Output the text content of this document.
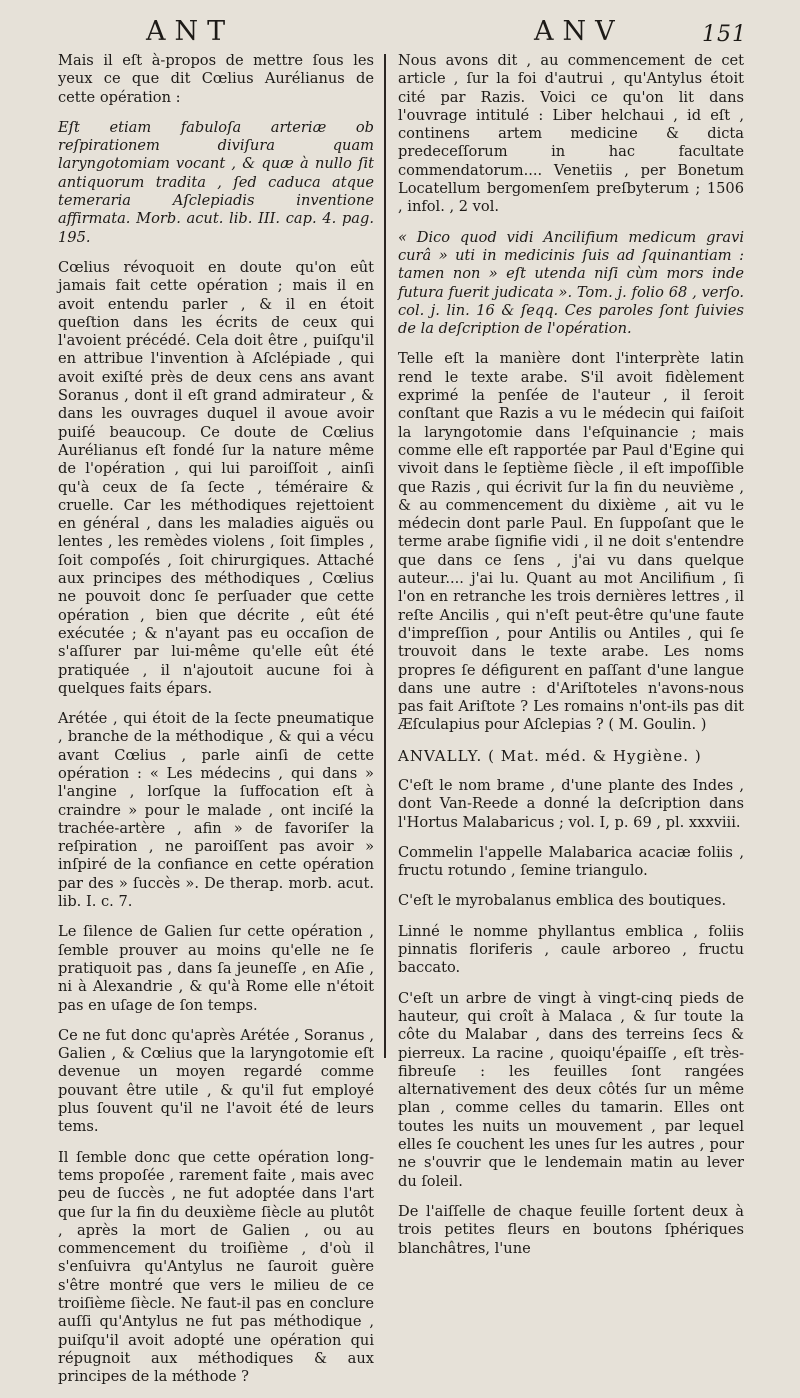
ANT	ANV	151

Mais il eſt à-propos de mettre ſous les yeux ce que dit Cœlius Aurélianus de cette opération :

Eſt etiam fabuloſa arteriæ ob reſpirationem diviſura quam laryngotomiam vocant , & quæ à nullo ſit antiquorum tradita , ſed caduca atque temeraria Aſclepiadis inventione affirmata. Morb. acut. lib. III. cap. 4. pag. 195.

Cœlius révoquoit en doute qu'on eût jamais fait cette opération ; mais il en avoit entendu parler , & il en étoit queſtion dans les écrits de ceux qui l'avoient précédé. Cela doit être , puiſqu'il en attribue l'invention à Aſclépiade , qui avoit exiſté près de deux cens ans avant Soranus , dont il eſt grand admirateur , & dans les ouvrages duquel il avoue avoir puiſé beaucoup. Ce doute de Cœlius Aurélianus eſt fondé ſur la nature même de l'opération , qui lui paroiſſoit , ainſi qu'à ceux de ſa ſecte , téméraire & cruelle. Car les méthodiques rejettoient en général , dans les maladies aiguës ou lentes , les remèdes violens , ſoit ſimples , ſoit compoſés , ſoit chirurgiques. Attaché aux principes des méthodiques , Cœlius ne pouvoit donc ſe perſuader que cette opération , bien que décrite , eût été exécutée ; & n'ayant pas eu occaſion de s'aſſurer par lui-même qu'elle eût été pratiquée , il n'ajoutoit aucune foi à quelques faits épars.

Arétée , qui étoit de la ſecte pneumatique , branche de la méthodique , & qui a vécu avant Cœlius , parle ainſi de cette opération : « Les médecins , qui dans » l'angine , lorſque la ſuffocation eſt à craindre » pour le malade , ont inciſé la trachée-artère , afin » de favoriſer la reſpiration , ne paroiſſent pas avoir » inſpiré de la confiance en cette opération par des » ſuccès ». De therap. morb. acut. lib. I. c. 7.

Le ſilence de Galien ſur cette opération , ſemble prouver au moins qu'elle ne ſe pratiquoit pas , dans ſa jeuneſſe , en Aſie , ni à Alexandrie , & qu'à Rome elle n'étoit pas en uſage de ſon temps.

Ce ne fut donc qu'après Arétée , Soranus , Galien , & Cœlius que la laryngotomie eſt devenue un moyen regardé comme pouvant être utile , & qu'il fut employé plus ſouvent qu'il ne l'avoit été de leurs tems.

Il ſemble donc que cette opération long-tems propoſée , rarement faite , mais avec peu de ſuccès , ne fut adoptée dans l'art que ſur la fin du deuxième ſiècle au plutôt , après la mort de Galien , ou au commencement du troiſième , d'où il s'enſuivra qu'Antylus ne ſauroit guère s'être montré que vers le milieu de ce troiſième ſiècle. Ne faut-il pas en conclure auſſi qu'Antylus ne fut pas méthodique , puiſqu'il avoit adopté une opération qui répugnoit aux méthodiques & aux principes de la méthode ?

Nous avons dit , au commencement de cet article , ſur la foi d'autrui , qu'Antylus étoit cité par Razis. Voici ce qu'on lit dans l'ouvrage intitulé : Liber helchaui , id eſt , continens artem medicine & dicta predeceſſorum in hac facultate commendatorum.... Venetiis , per Bonetum Locatellum bergomenſem preſbyterum ; 1506 , infol. , 2 vol.

« Dico quod vidi Ancilifium medicum gravi curâ » uti in medicinis ſuis ad ſquinantiam : tamen non » eſt utenda niſi cùm mors inde futura fuerit judicata ». Tom. j. folio 68 , verſo. col. j. lin. 16 & ſeqq. Ces paroles ſont ſuivies de la deſcription de l'opération.

Telle eſt la manière dont l'interprète latin rend le texte arabe. S'il avoit fidèlement exprimé la penſée de l'auteur , il ſeroit conſtant que Razis a vu le médecin qui faiſoit la laryngotomie dans l'eſquinancie ; mais comme elle eſt rapportée par Paul d'Egine qui vivoit dans le ſeptième ſiècle , il eſt impoſſible que Razis , qui écrivit ſur la fin du neuvième , & au commencement du dixième , ait vu le médecin dont parle Paul. En ſuppoſant que le terme arabe ſignifie vidi , il ne doit s'entendre que dans ce ſens , j'ai vu dans quelque auteur.... j'ai lu. Quant au mot Ancilifium , ſi l'on en retranche les trois dernières lettres , il reſte Ancilis , qui n'eſt peut-être qu'une faute d'impreſſion , pour Antilis ou Antiles , qui ſe trouvoit dans le texte arabe. Les noms propres ſe défigurent en paſſant d'une langue dans une autre : d'Ariſtoteles n'avons-nous pas fait Ariſtote ? Les romains n'ont-ils pas dit Æſculapius pour Aſclepias ? ( M. Goulin. )

ANVALLY. ( Mat. méd. & Hygiène. )

C'eſt le nom brame , d'une plante des Indes , dont Van-Reede a donné la deſcription dans l'Hortus Malabaricus ; vol. I, p. 69 , pl. xxxviii.

Commelin l'appelle Malabarica acaciæ foliis , fructu rotundo , ſemine triangulo.

C'eſt le myrobalanus emblica des boutiques.

Linné le nomme phyllantus emblica , foliis pinnatis floriferis , caule arboreo , fructu baccato.

C'eſt un arbre de vingt à vingt-cinq pieds de hauteur, qui croît à Malaca , & ſur toute la côte du Malabar , dans des terreins ſecs & pierreux. La racine , quoiqu'épaiſſe , eſt très-fibreuſe : les feuilles ſont rangées alternativement des deux côtés ſur un même plan , comme celles du tamarin. Elles ont toutes les nuits un mouvement , par lequel elles ſe couchent les unes ſur les autres , pour ne s'ouvrir que le lendemain matin au lever du ſoleil.

De l'aiſſelle de chaque feuille ſortent deux à trois petites fleurs en boutons ſphériques blanchâtres, l'une
